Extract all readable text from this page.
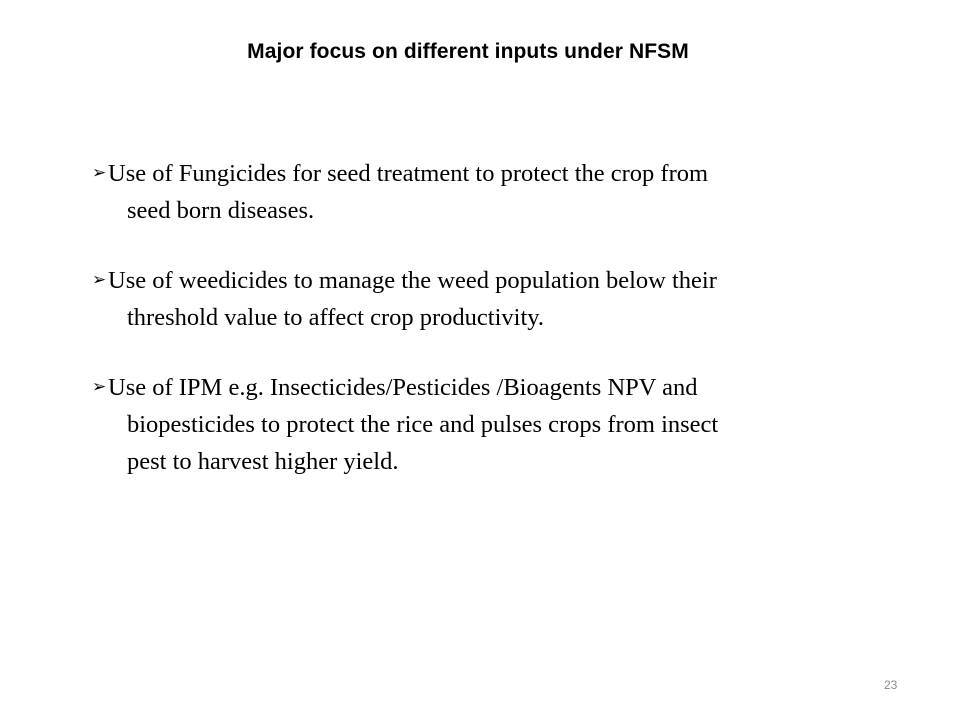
Major focus on different inputs under NFSM
➢ Use of Fungicides for seed treatment to protect the crop from
seed born diseases.
➢ Use of weedicides to manage the weed population below their
threshold value to affect crop productivity.
➢ Use of IPM e.g. Insecticides/Pesticides /Bioagents NPV and
biopesticides to protect the rice and pulses crops from insect
pest to harvest higher yield.
23
